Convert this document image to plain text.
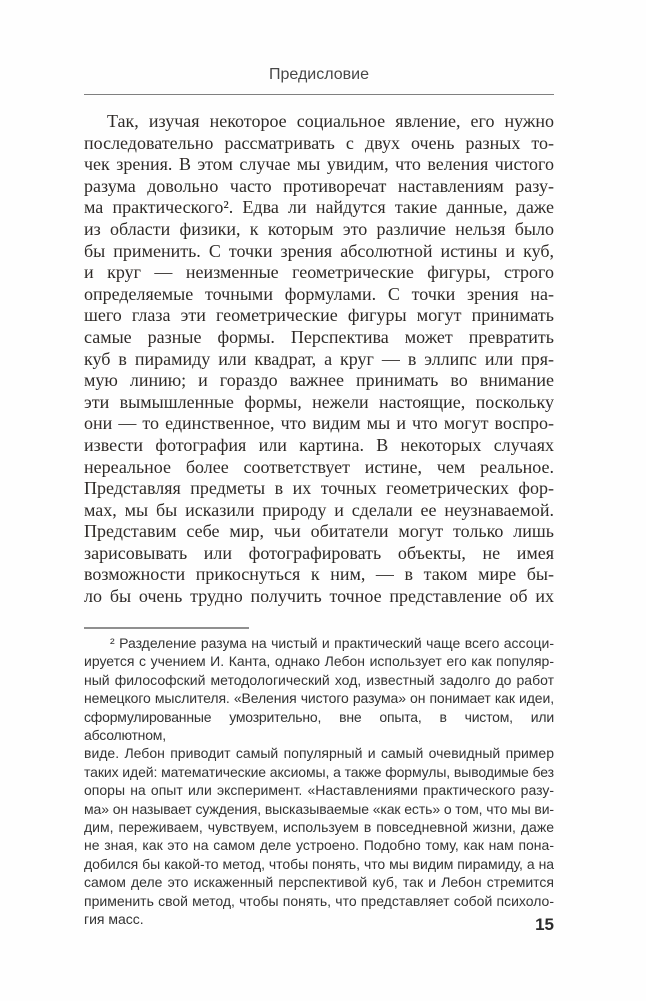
Предисловие
Так, изучая некоторое социальное явление, его нужно
последовательно рассматривать с двух очень разных то-
чек зрения. В этом случае мы увидим, что веления чистого
разума довольно часто противоречат наставлениям разу-
ма практического². Едва ли найдутся такие данные, даже
из области физики, к которым это различие нельзя было
бы применить. С точки зрения абсолютной истины и куб,
и круг — неизменные геометрические фигуры, строго
определяемые точными формулами. С точки зрения на-
шего глаза эти геометрические фигуры могут принимать
самые разные формы. Перспектива может превратить
куб в пирамиду или квадрат, а круг — в эллипс или пря-
мую линию; и гораздо важнее принимать во внимание
эти вымышленные формы, нежели настоящие, поскольку
они — то единственное, что видим мы и что могут воспро-
извести фотография или картина. В некоторых случаях
нереальное более соответствует истине, чем реальное.
Представляя предметы в их точных геометрических фор-
мах, мы бы исказили природу и сделали ее неузнаваемой.
Представим себе мир, чьи обитатели могут только лишь
зарисовывать или фотографировать объекты, не имея
возможности прикоснуться к ним, — в таком мире бы-
ло бы очень трудно получить точное представление об их
² Разделение разума на чистый и практический чаще всего ассоци-
ируется с учением И. Канта, однако Лебон использует его как популяр-
ный философский методологический ход, известный задолго до работ
немецкого мыслителя. «Веления чистого разума» он понимает как идеи,
сформулированные умозрительно, вне опыта, в чистом, или абсолютном,
виде. Лебон приводит самый популярный и самый очевидный пример
таких идей: математические аксиомы, а также формулы, выводимые без
опоры на опыт или эксперимент. «Наставлениями практического разу-
ма» он называет суждения, высказываемые «как есть» о том, что мы ви-
дим, переживаем, чувствуем, используем в повседневной жизни, даже
не зная, как это на самом деле устроено. Подобно тому, как нам пона-
добился бы какой-то метод, чтобы понять, что мы видим пирамиду, а на
самом деле это искаженный перспективой куб, так и Лебон стремится
применить свой метод, чтобы понять, что представляет собой психоло-
гия масс.	15
